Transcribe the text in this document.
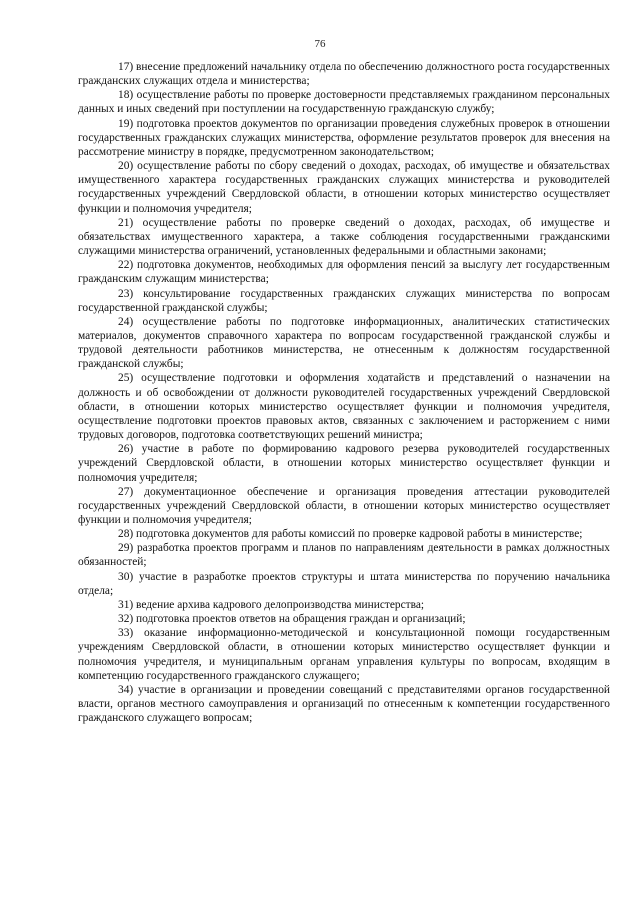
76

17) внесение предложений начальнику отдела по обеспечению должностного роста государственных гражданских служащих отдела и министерства;

18) осуществление работы по проверке достоверности представляемых гражданином персональных данных и иных сведений при поступлении на государственную гражданскую службу;

19) подготовка проектов документов по организации проведения служебных проверок в отношении государственных гражданских служащих министерства, оформление результатов проверок для внесения на рассмотрение министру в порядке, предусмотренном законодательством;

20) осуществление работы по сбору сведений о доходах, расходах, об имуществе и обязательствах имущественного характера государственных гражданских служащих министерства и руководителей государственных учреждений Свердловской области, в отношении которых министерство осуществляет функции и полномочия учредителя;

21) осуществление работы по проверке сведений о доходах, расходах, об имуществе и обязательствах имущественного характера, а также соблюдения государственными гражданскими служащими министерства ограничений, установленных федеральными и областными законами;

22) подготовка документов, необходимых для оформления пенсий за выслугу лет государственным гражданским служащим министерства;

23) консультирование государственных гражданских служащих министерства по вопросам государственной гражданской службы;

24) осуществление работы по подготовке информационных, аналитических статистических материалов, документов справочного характера по вопросам государственной гражданской службы и трудовой деятельности работников министерства, не отнесенным к должностям государственной гражданской службы;

25) осуществление подготовки и оформления ходатайств и представлений о назначении на должность и об освобождении от должности руководителей государственных учреждений Свердловской области, в отношении которых министерство осуществляет функции и полномочия учредителя, осуществление подготовки проектов правовых актов, связанных с заключением и расторжением с ними трудовых договоров, подготовка соответствующих решений министра;

26) участие в работе по формированию кадрового резерва руководителей государственных учреждений Свердловской области, в отношении которых министерство осуществляет функции и полномочия учредителя;

27) документационное обеспечение и организация проведения аттестации руководителей государственных учреждений Свердловской области, в отношении которых министерство осуществляет функции и полномочия учредителя;

28) подготовка документов для работы комиссий по проверке кадровой работы в министерстве;

29) разработка проектов программ и планов по направлениям деятельности в рамках должностных обязанностей;

30) участие в разработке проектов структуры и штата министерства по поручению начальника отдела;

31) ведение архива кадрового делопроизводства министерства;

32) подготовка проектов ответов на обращения граждан и организаций;

33) оказание информационно-методической и консультационной помощи государственным учреждениям Свердловской области, в отношении которых министерство осуществляет функции и полномочия учредителя, и муниципальным органам управления культуры по вопросам, входящим в компетенцию государственного гражданского служащего;

34) участие в организации и проведении совещаний с представителями органов государственной власти, органов местного самоуправления и организаций по отнесенным к компетенции государственного гражданского служащего вопросам;
